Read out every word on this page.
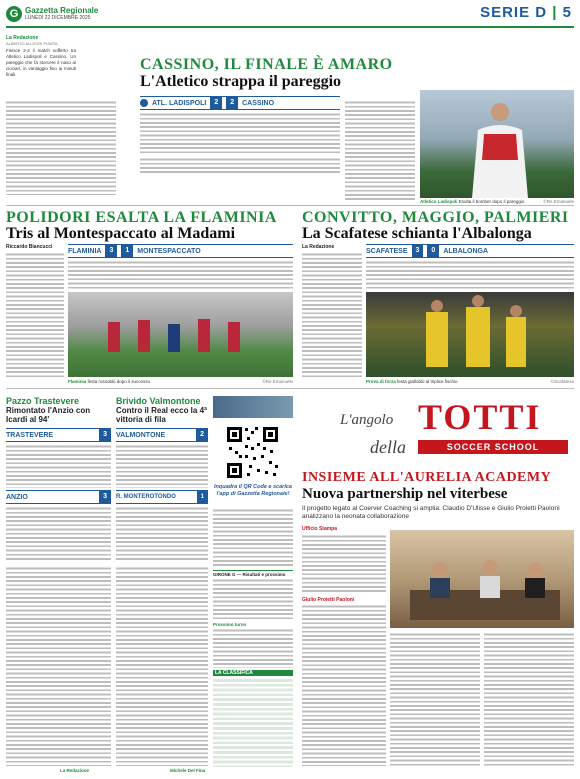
G Gazzetta Regionale
LUNEDÌ 22 DICEMBRE 2025	SERIE D | 5
La Redazione
ALBERTO ALLEGRI PIANTA
CASSINO, IL FINALE È AMARO
L'Atletico strappa il pareggio
Finisce 2-2 il match sofferto tra Atletico Ladispoli e Cassino. Un pareggio che fa storcere il naso ai ciociari, in vantaggio fino ai minuti finali.
ATL. LADISPOLI	2	2	CASSINO
Atletico Ladispoli Esulta il bomber dopo il pareggio	©Re Emanuele
POLIDORI ESALTA LA FLAMINIA
Tris al Montespaccato al Madami
Riccardo Biancucci
FLAMINIA	3	1	MONTESPACCATO
Flaminia festa rossoblù dopo il successo	©Re Emanuele
CONVITTO, MAGGIO, PALMIERI
La Scafatese schianta l'Albalonga
La Redazione
SCAFATESE	3	0	ALBALONGA
Prova di forza festa gialloblù al triplice fischio	©Scafatese
Pazzo Trastevere
Rimontato l'Anzio con Icardi al 94'
TRASTEVERE	3
ANZIO	3
Brivido Valmontone
Contro il Real ecco la 4ª vittoria di fila
VALMONTONE	2
R. MONTEROTONDO	1
Inquadra il QR Code e scarica l'app di Gazzetta Regionale!
GIRONE G — Risultati e prossimo
Prossimo turno
LA CLASSIFICA
L'angolo TOTTI
della	SOCCER SCHOOL
INSIEME ALL'AURELIA ACADEMY
Nuova partnership nel viterbese
Il progetto legato al Coerver Coaching si amplia: Claudio D'Ulisse e Giulio Proietti Paolonì analizzano la neonata collaborazione
Ufficio Stampa
Giulio Proietti Paolonì
La Redazione	Michele Del Fina
